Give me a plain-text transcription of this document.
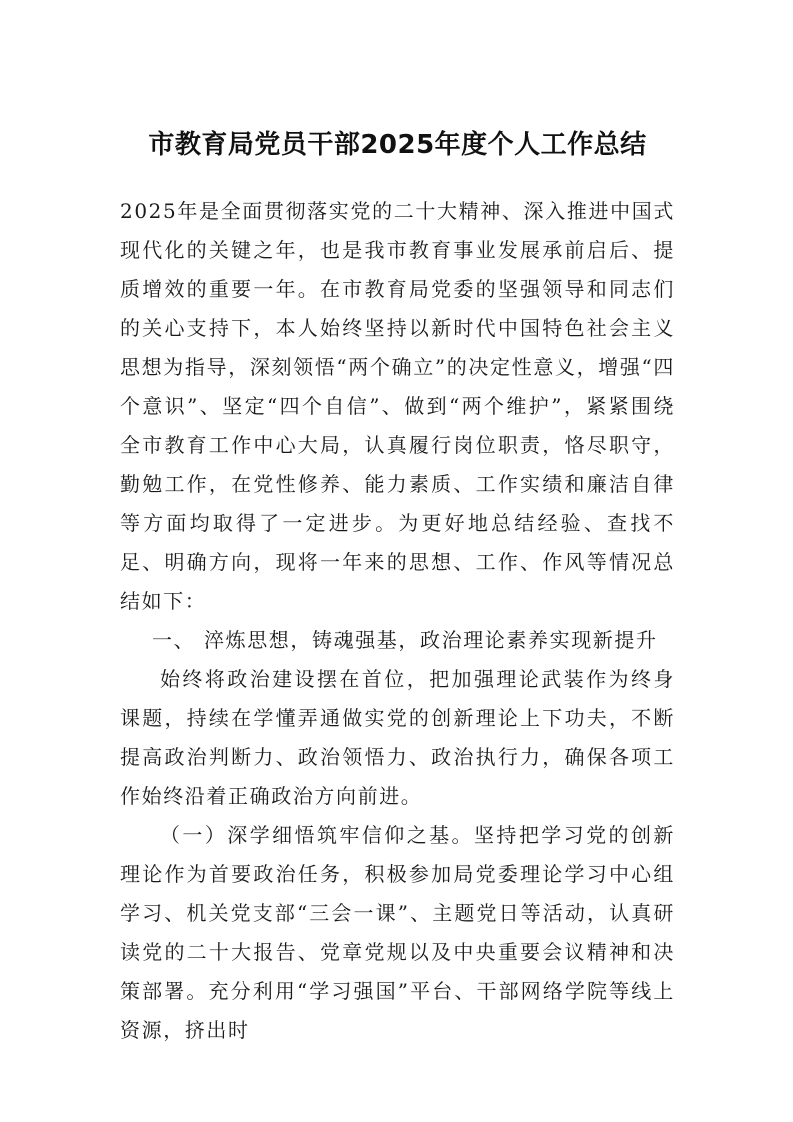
市教育局党员干部2025年度个人工作总结

2025年是全面贯彻落实党的二十大精神、深入推进中国式现代化的关键之年，也是我市教育事业发展承前启后、提质增效的重要一年。在市教育局党委的坚强领导和同志们的关心支持下，本人始终坚持以新时代中国特色社会主义思想为指导，深刻领悟“两个确立”的决定性意义，增强“四个意识”、坚定“四个自信”、做到“两个维护”，紧紧围绕全市教育工作中心大局，认真履行岗位职责，恪尽职守，勤勉工作，在党性修养、能力素质、工作实绩和廉洁自律等方面均取得了一定进步。为更好地总结经验、查找不足、明确方向，现将一年来的思想、工作、作风等情况总结如下：

一、 淬炼思想，铸魂强基，政治理论素养实现新提升

始终将政治建设摆在首位，把加强理论武装作为终身课题，持续在学懂弄通做实党的创新理论上下功夫，不断提高政治判断力、政治领悟力、政治执行力，确保各项工作始终沿着正确政治方向前进。

（一）深学细悟筑牢信仰之基。坚持把学习党的创新理论作为首要政治任务，积极参加局党委理论学习中心组学习、机关党支部“三会一课”、主题党日等活动，认真研读党的二十大报告、党章党规以及中央重要会议精神和决策部署。充分利用“学习强国”平台、干部网络学院等线上资源，挤出时
